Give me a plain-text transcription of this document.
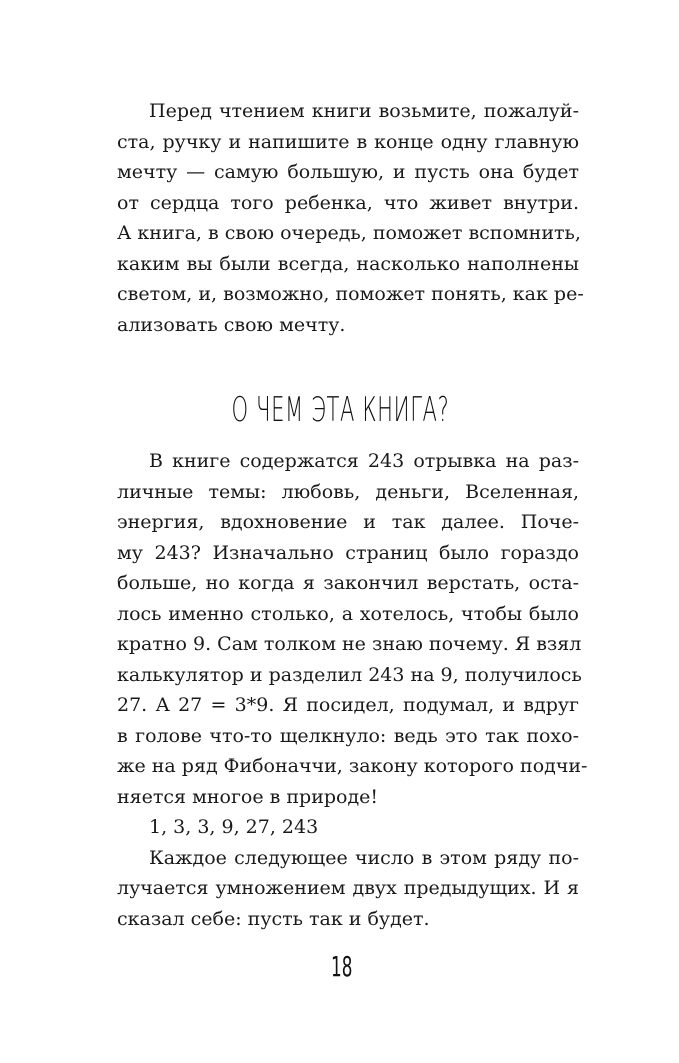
Перед чтением книги возьмите, пожалуй-
ста, ручку и напишите в конце одну главную
мечту — самую большую, и пусть она будет
от сердца того ребенка, что живет внутри.
А книга, в свою очередь, поможет вспомнить,
каким вы были всегда, насколько наполнены
светом, и, возможно, поможет понять, как ре-
ализовать свою мечту.
О ЧЕМ ЭТА КНИГА?
В книге содержатся 243 отрывка на раз-
личные темы: любовь, деньги, Вселенная,
энергия, вдохновение и так далее. Поче-
му 243? Изначально страниц было гораздо
больше, но когда я закончил верстать, оста-
лось именно столько, а хотелось, чтобы было
кратно 9. Сам толком не знаю почему. Я взял
калькулятор и разделил 243 на 9, получилось
27. А 27 = 3*9. Я посидел, подумал, и вдруг
в голове что-то щелкнуло: ведь это так похо-
же на ряд Фибоначчи, закону которого подчи-
няется многое в природе!
1, 3, 3, 9, 27, 243
Каждое следующее число в этом ряду по-
лучается умножением двух предыдущих. И я
сказал себе: пусть так и будет.
18
